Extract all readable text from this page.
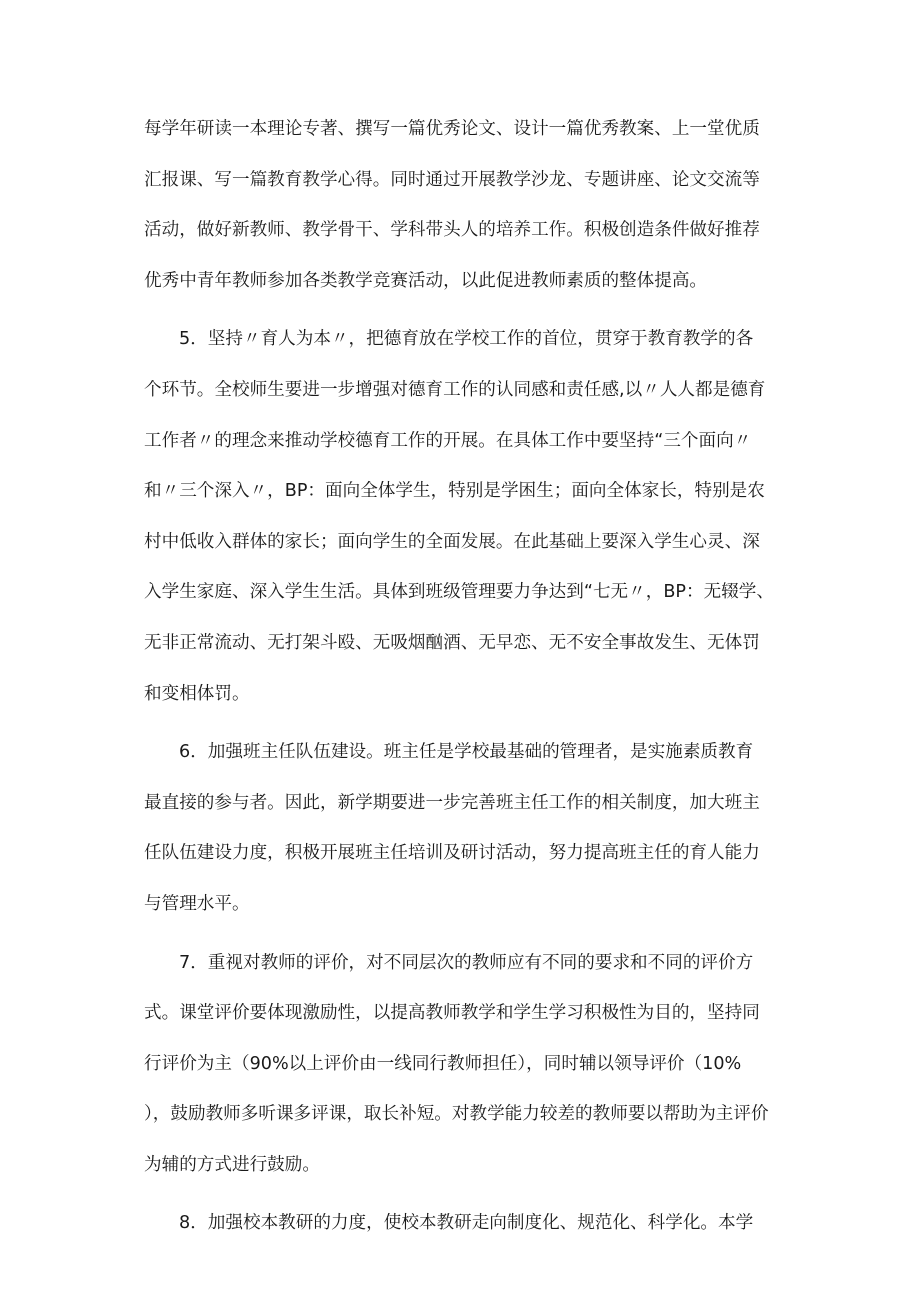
每学年研读一本理论专著、撰写一篇优秀论文、设计一篇优秀教案、上一堂优质
汇报课、写一篇教育教学心得。同时通过开展教学沙龙、专题讲座、论文交流等
活动，做好新教师、教学骨干、学科带头人的培养工作。积极创造条件做好推荐
优秀中青年教师参加各类教学竞赛活动，以此促进教师素质的整体提高。
5．坚持〃育人为本〃，把德育放在学校工作的首位，贯穿于教育教学的各
个环节。全校师生要进一步增强对德育工作的认同感和责任感,以〃人人都是德育
工作者〃的理念来推动学校德育工作的开展。在具体工作中要坚持“三个面向〃
和〃三个深入〃，BP：面向全体学生，特别是学困生；面向全体家长，特别是农
村中低收入群体的家长；面向学生的全面发展。在此基础上要深入学生心灵、深
入学生家庭、深入学生生活。具体到班级管理要力争达到“七无〃，BP：无辍学、
无非正常流动、无打架斗殴、无吸烟酗酒、无早恋、无不安全事故发生、无体罚
和变相体罚。
6．加强班主任队伍建设。班主任是学校最基础的管理者，是实施素质教育
最直接的参与者。因此，新学期要进一步完善班主任工作的相关制度，加大班主
任队伍建设力度，积极开展班主任培训及研讨活动，努力提高班主任的育人能力
与管理水平。
7．重视对教师的评价，对不同层次的教师应有不同的要求和不同的评价方
式。课堂评价要体现激励性，以提高教师教学和学生学习积极性为目的，坚持同
行评价为主（90%以上评价由一线同行教师担任），同时辅以领导评价（10%
），鼓励教师多听课多评课，取长补短。对教学能力较差的教师要以帮助为主评价
为辅的方式进行鼓励。
8．加强校本教研的力度，使校本教研走向制度化、规范化、科学化。本学
